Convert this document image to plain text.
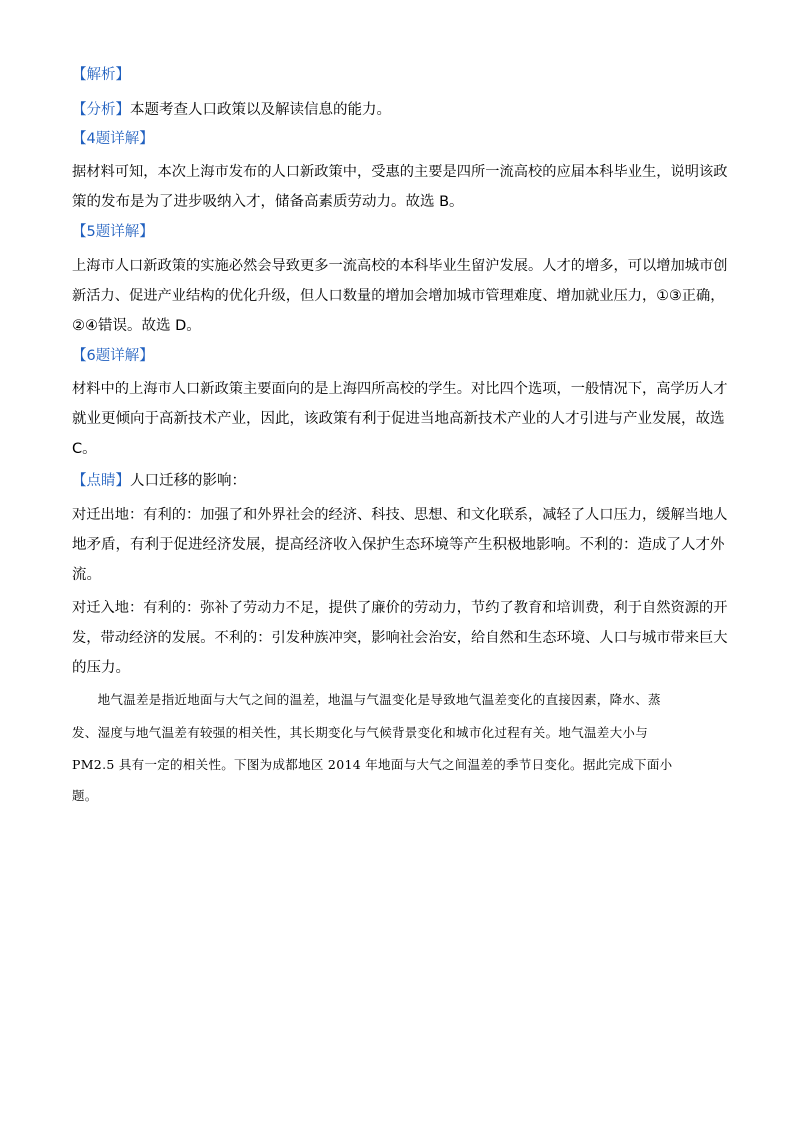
【解析】

【分析】本题考查人口政策以及解读信息的能力。

【4题详解】

据材料可知，本次上海市发布的人口新政策中，受惠的主要是四所一流高校的应届本科毕业生，说明该政

策的发布是为了进步吸纳入才，储备高素质劳动力。故选 B。

【5题详解】

上海市人口新政策的实施必然会导致更多一流高校的本科毕业生留沪发展。人才的增多，可以增加城市创

新活力、促进产业结构的优化升级，但人口数量的增加会增加城市管理难度、增加就业压力，①③正确，

②④错误。故选 D。

【6题详解】

材料中的上海市人口新政策主要面向的是上海四所高校的学生。对比四个选项，一般情况下，高学历人才

就业更倾向于高新技术产业，因此，该政策有利于促进当地高新技术产业的人才引进与产业发展，故选

C。

【点睛】人口迁移的影响：

对迁出地：有利的：加强了和外界社会的经济、科技、思想、和文化联系，减轻了人口压力，缓解当地人

地矛盾，有利于促进经济发展，提高经济收入保护生态环境等产生积极地影响。不利的：造成了人才外

流。

对迁入地：有利的：弥补了劳动力不足，提供了廉价的劳动力，节约了教育和培训费，利于自然资源的开

发，带动经济的发展。不利的：引发种族冲突，影响社会治安，给自然和生态环境、人口与城市带来巨大

的压力。

　　地气温差是指近地面与大气之间的温差，地温与气温变化是导致地气温差变化的直接因素，降水、蒸

发、湿度与地气温差有较强的相关性，其长期变化与气候背景变化和城市化过程有关。地气温差大小与

PM2.5 具有一定的相关性。下图为成都地区 2014 年地面与大气之间温差的季节日变化。据此完成下面小

题。
